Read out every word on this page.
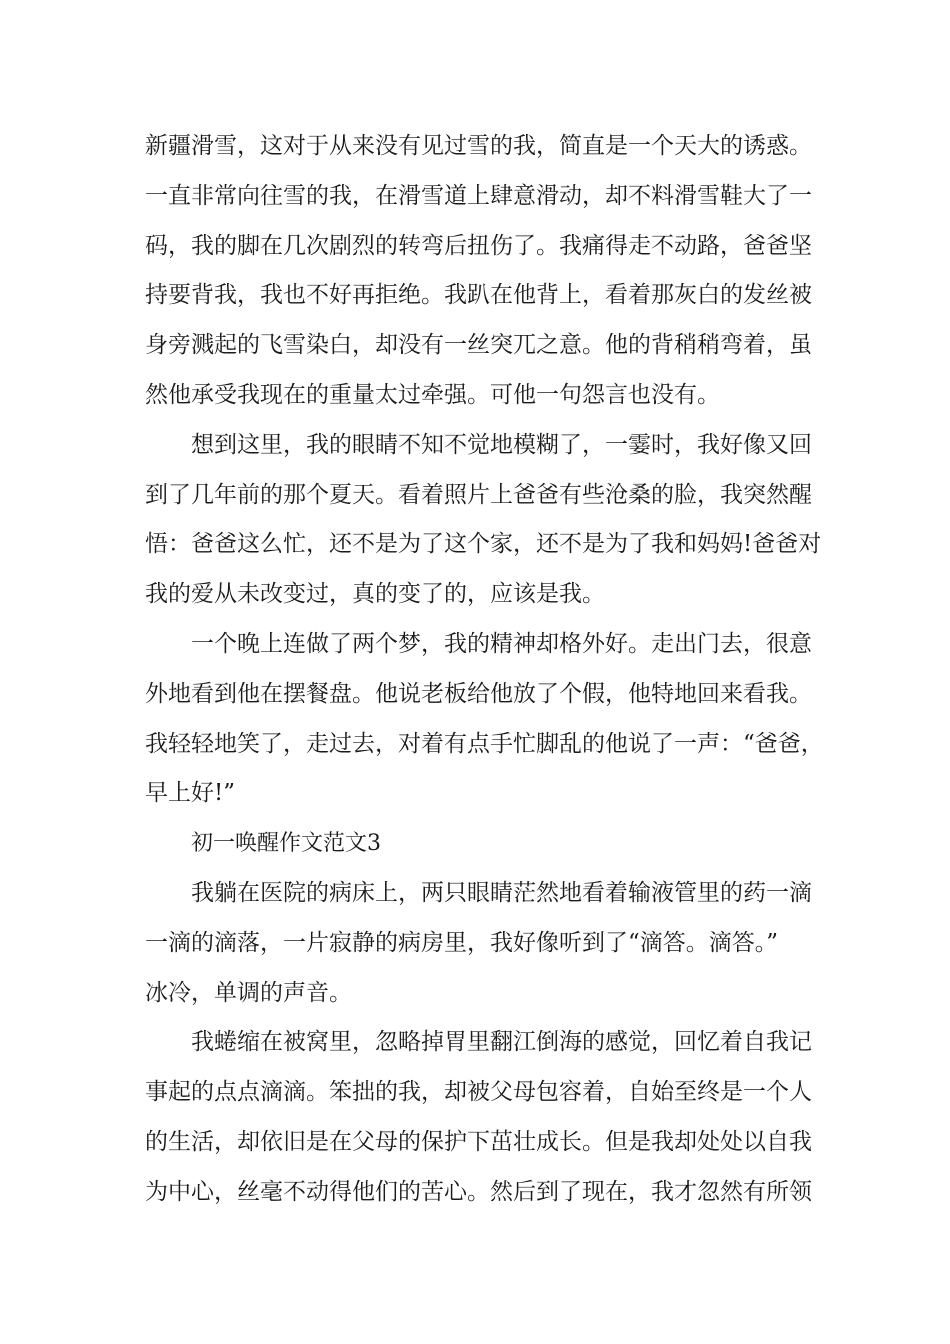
新疆滑雪，这对于从来没有见过雪的我，简直是一个天大的诱惑。
一直非常向往雪的我，在滑雪道上肆意滑动，却不料滑雪鞋大了一
码，我的脚在几次剧烈的转弯后扭伤了。我痛得走不动路，爸爸坚
持要背我，我也不好再拒绝。我趴在他背上，看着那灰白的发丝被
身旁溅起的飞雪染白，却没有一丝突兀之意。他的背稍稍弯着，虽
然他承受我现在的重量太过牵强。可他一句怨言也没有。
想到这里，我的眼睛不知不觉地模糊了，一霎时，我好像又回
到了几年前的那个夏天。看着照片上爸爸有些沧桑的脸，我突然醒
悟：爸爸这么忙，还不是为了这个家，还不是为了我和妈妈!爸爸对
我的爱从未改变过，真的变了的，应该是我。
一个晚上连做了两个梦，我的精神却格外好。走出门去，很意
外地看到他在摆餐盘。他说老板给他放了个假，他特地回来看我。
我轻轻地笑了，走过去，对着有点手忙脚乱的他说了一声：“爸爸，
早上好!”
初一唤醒作文范文3
我躺在医院的病床上，两只眼睛茫然地看着输液管里的药一滴
一滴的滴落，一片寂静的病房里，我好像听到了“滴答。滴答。”
冰冷，单调的声音。
我蜷缩在被窝里，忽略掉胃里翻江倒海的感觉，回忆着自我记
事起的点点滴滴。笨拙的我，却被父母包容着，自始至终是一个人
的生活，却依旧是在父母的保护下茁壮成长。但是我却处处以自我
为中心，丝毫不动得他们的苦心。然后到了现在，我才忽然有所领
